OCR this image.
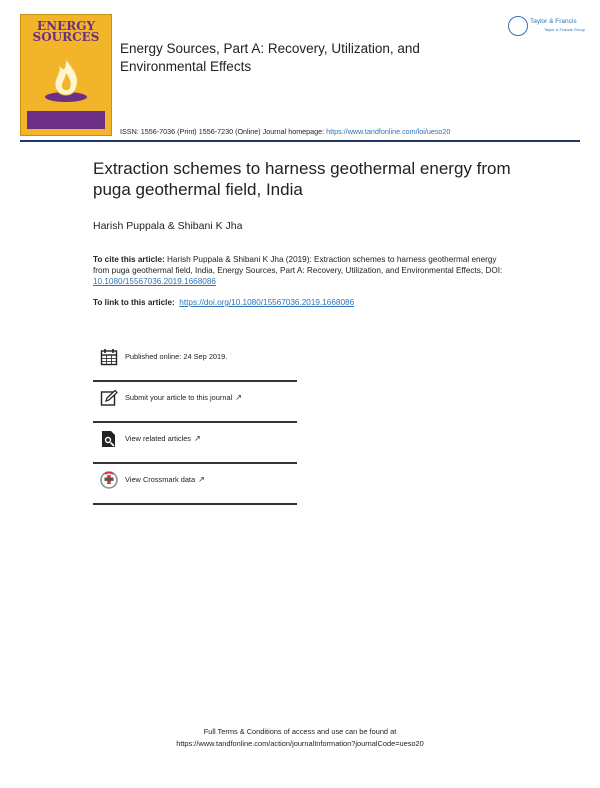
ENERGY
SOURCES
Energy Sources, Part A: Recovery, Utilization, and Environmental Effects
Taylor & Francis
Taylor & Francis Group
ISSN: 1556-7036 (Print) 1556-7230 (Online) Journal homepage: https://www.tandfonline.com/loi/ueso20
Extraction schemes to harness geothermal energy from puga geothermal field, India
Harish Puppala & Shibani K Jha
To cite this article: Harish Puppala & Shibani K Jha (2019): Extraction schemes to harness geothermal energy from puga geothermal field, India, Energy Sources, Part A: Recovery, Utilization, and Environmental Effects, DOI: 10.1080/15567036.2019.1668086
To link to this article: https://doi.org/10.1080/15567036.2019.1668086
Published online: 24 Sep 2019.
Submit your article to this journal ↗
View related articles ↗
View Crossmark data ↗
Full Terms & Conditions of access and use can be found at
https://www.tandfonline.com/action/journalInformation?journalCode=ueso20
